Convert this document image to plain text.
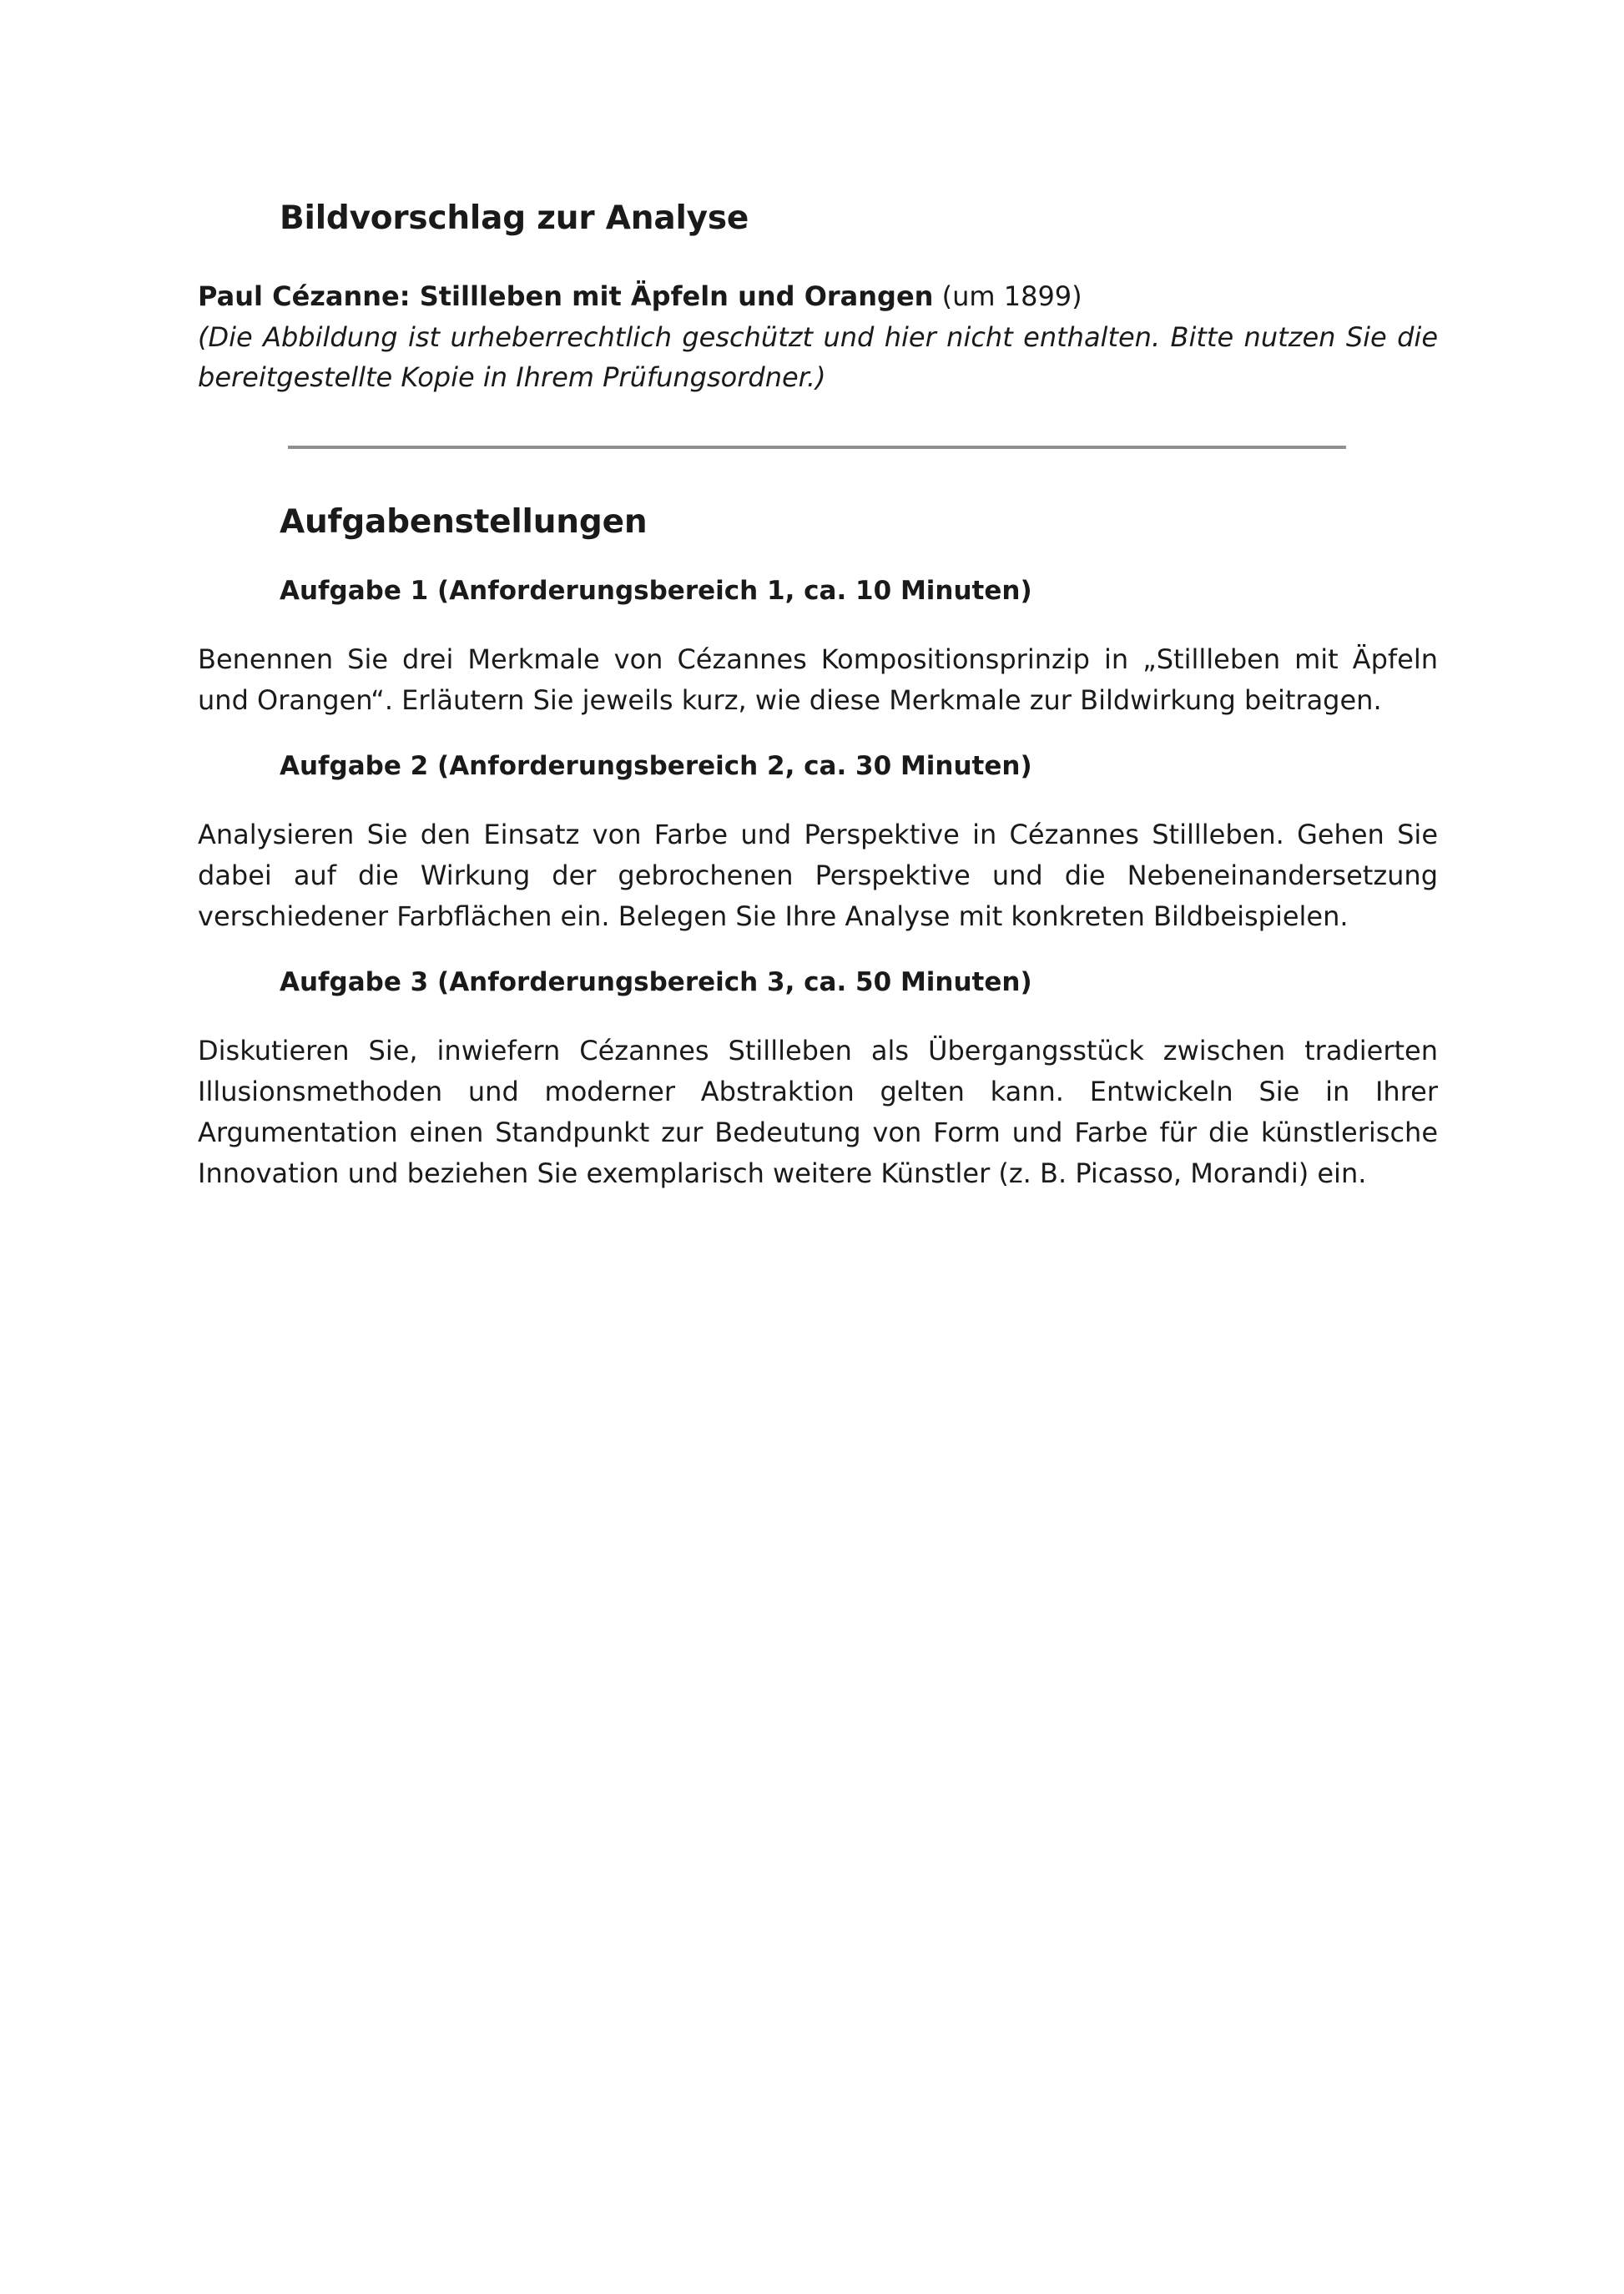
Bildvorschlag zur Analyse

Paul Cézanne: Stillleben mit Äpfeln und Orangen (um 1899)

(Die Abbildung ist urheberrechtlich geschützt und hier nicht enthalten. Bitte nutzen Sie die bereitgestellte Kopie in Ihrem Prüfungsordner.)

Aufgabenstellungen
Aufgabe 1 (Anforderungsbereich 1, ca. 10 Minuten)

Benennen Sie drei Merkmale von Cézannes Kompositionsprinzip in „Stillleben mit Äpfeln und Orangen“. Erläutern Sie jeweils kurz, wie diese Merkmale zur Bildwirkung beitragen.

Aufgabe 2 (Anforderungsbereich 2, ca. 30 Minuten)

Analysieren Sie den Einsatz von Farbe und Perspektive in Cézannes Stillleben. Gehen Sie dabei auf die Wirkung der gebrochenen Perspektive und die Nebeneinandersetzung verschiedener Farbflächen ein. Belegen Sie Ihre Analyse mit konkreten Bildbeispielen.

Aufgabe 3 (Anforderungsbereich 3, ca. 50 Minuten)

Diskutieren Sie, inwiefern Cézannes Stillleben als Übergangsstück zwischen tradierten Illusionsmethoden und moderner Abstraktion gelten kann. Entwickeln Sie in Ihrer Argumentation einen Standpunkt zur Bedeutung von Form und Farbe für die künstlerische Innovation und beziehen Sie exemplarisch weitere Künstler (z. B. Picasso, Morandi) ein.
